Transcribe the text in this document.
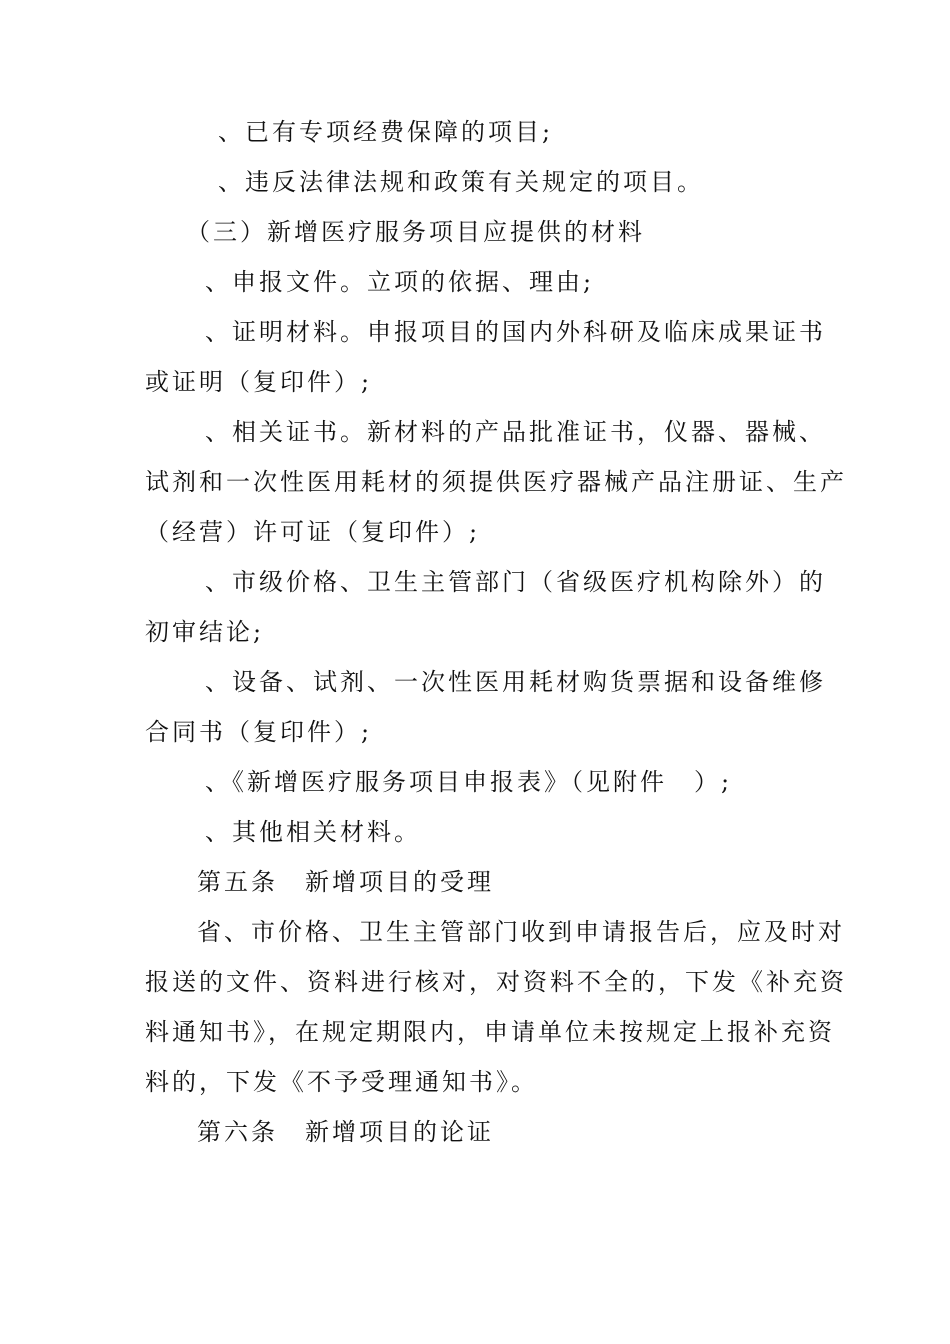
、已有专项经费保障的项目;
、违反法律法规和政策有关规定的项目。
（三）新增医疗服务项目应提供的材料
、申报文件。立项的依据、理由;
、证明材料。申报项目的国内外科研及临床成果证书
或证明（复印件）;
、相关证书。新材料的产品批准证书，仪器、器械、
试剂和一次性医用耗材的须提供医疗器械产品注册证、生产
（经营）许可证（复印件）;
、市级价格、卫生主管部门（省级医疗机构除外）的
初审结论;
、设备、试剂、一次性医用耗材购货票据和设备维修
合同书（复印件）;
、《新增医疗服务项目申报表》（见附件　）;
、其他相关材料。
第五条　新增项目的受理
省、市价格、卫生主管部门收到申请报告后，应及时对
报送的文件、资料进行核对，对资料不全的，下发《补充资
料通知书》，在规定期限内，申请单位未按规定上报补充资
料的，下发《不予受理通知书》。
第六条　新增项目的论证
